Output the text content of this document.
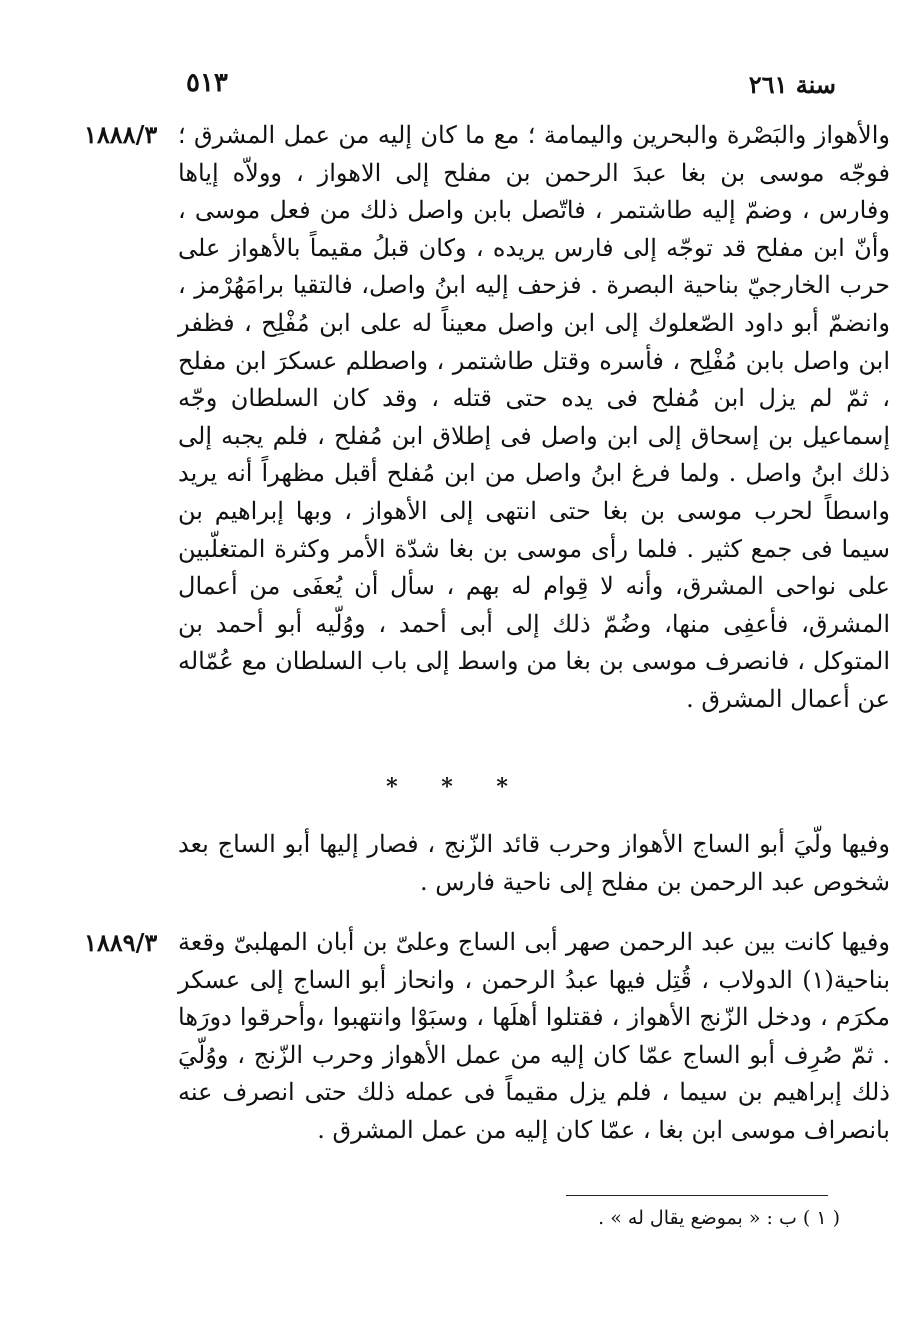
٥١٣	سنة ٢٦١
١٨٨٨/٣
١٨٨٩/٣

والأهواز والبَصْرة والبحرين واليمامة ؛ مع ما كان إليه من عمل المشرق ؛ فوجّه موسى بن بغا عبدَ الرحمن بن مفلح إلى الاهواز ، وولاّه إياها وفارس ، وضمّ إليه طاشتمر ، فاتّصل بابن واصل ذلك من فعل موسى ، وأنّ ابن مفلح قد توجّه إلى فارس يريده ، وكان قبلُ مقيماً بالأهواز على حرب الخارجيّ بناحية البصرة . فزحف إليه ابنُ واصل، فالتقيا برامَهُرْمز ، وانضمّ أبو داود الصّعلوك إلى ابن واصل معيناً له على ابن مُفْلِح ، فظفر ابن واصل بابن مُفْلِح ، فأسره وقتل طاشتمر ، واصطلم عسكرَ ابن مفلح ، ثمّ لم يزل ابن مُفلح فى يده حتى قتله ، وقد كان السلطان وجّه إسماعيل بن إسحاق إلى ابن واصل فى إطلاق ابن مُفلح ، فلم يجبه إلى ذلك ابنُ واصل . ولما فرغ ابنُ واصل من ابن مُفلح أقبل مظهراً أنه يريد واسطاً لحرب موسى بن بغا حتى انتهى إلى الأهواز ، وبها إبراهيم بن سيما فى جمع كثير . فلما رأى موسى بن بغا شدّة الأمر وكثرة المتغلّبين على نواحى المشرق، وأنه لا قِوام له بهم ، سأل أن يُعفَى من أعمال المشرق، فأعفِى منها، وضُمّ ذلك إلى أبى أحمد ، ووُلّيه أبو أحمد بن المتوكل ، فانصرف موسى بن بغا من واسط إلى باب السلطان مع عُمّاله عن أعمال المشرق .

* * *

وفيها ولّيَ أبو الساج الأهواز وحرب قائد الزّنج ، فصار إليها أبو الساج بعد شخوص عبد الرحمن بن مفلح إلى ناحية فارس .

وفيها كانت بين عبد الرحمن صهر أبى الساج وعلىّ بن أبان المهلبىّ وقعة بناحية(١) الدولاب ، قُتِل فيها عبدُ الرحمن ، وانحاز أبو الساج إلى عسكر مكرَم ، ودخل الزّنج الأهواز ، فقتلوا أهلَها ، وسبَوْا وانتهبوا ،وأحرقوا دورَها . ثمّ صُرِف أبو الساج عمّا كان إليه من عمل الأهواز وحرب الزّنج ، ووُلّيَ ذلك إبراهيم بن سيما ، فلم يزل مقيماً فى عمله ذلك حتى انصرف عنه بانصراف موسى ابن بغا ، عمّا كان إليه من عمل المشرق .

( ١ ) ب : « بموضع يقال له » .
